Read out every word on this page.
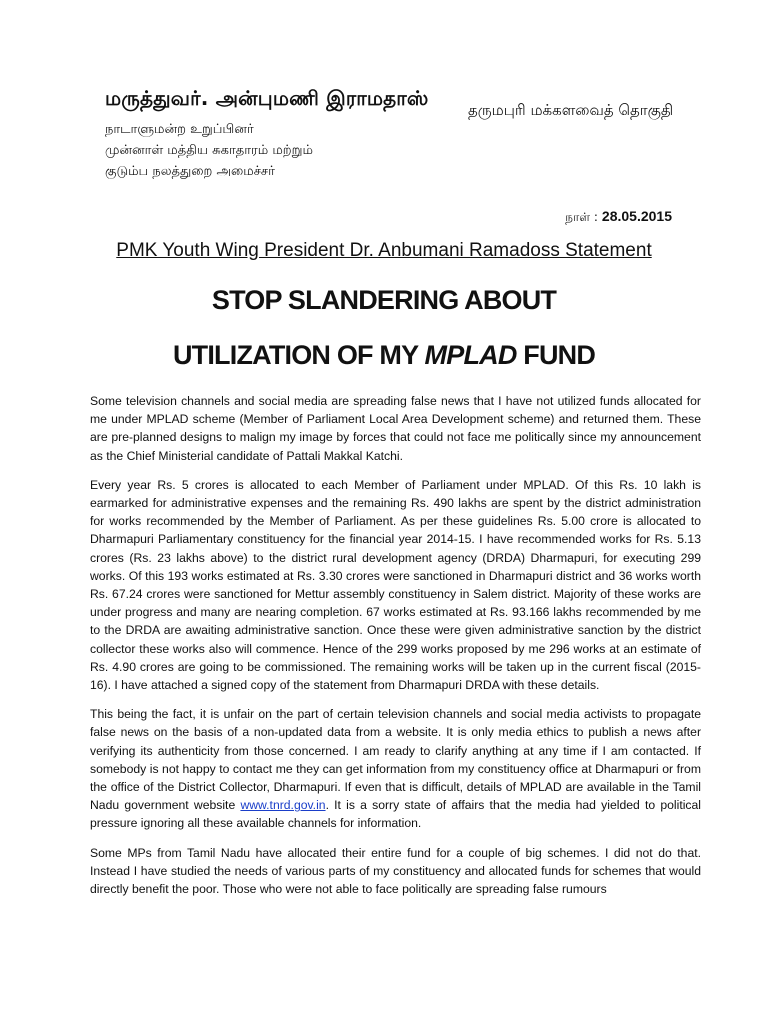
மருத்துவர். அன்புமணி இராமதாஸ்
நாடாளுமன்ற உறுப்பினர்
முன்னாள் மத்திய சுகாதாரம் மற்றும்
குடும்ப நலத்துறை அமைச்சர்
தருமபுரி மக்களவைத் தொகுதி
நாள் : 28.05.2015
PMK Youth Wing President Dr. Anbumani Ramadoss Statement
STOP SLANDERING ABOUT
UTILIZATION OF MY MPLAD FUND

Some television channels and social media are spreading false news that I have not utilized funds allocated for me under MPLAD scheme (Member of Parliament Local Area Development scheme) and returned them. These are pre-planned designs to malign my image by forces that could not face me politically since my announcement as the Chief Ministerial candidate of Pattali Makkal Katchi.

Every year Rs. 5 crores is allocated to each Member of Parliament under MPLAD. Of this Rs. 10 lakh is earmarked for administrative expenses and the remaining Rs. 490 lakhs are spent by the district administration for works recommended by the Member of Parliament. As per these guidelines Rs. 5.00 crore is allocated to Dharmapuri Parliamentary constituency for the financial year 2014-15. I have recommended works for Rs. 5.13 crores (Rs. 23 lakhs above) to the district rural development agency (DRDA) Dharmapuri, for executing 299 works. Of this 193 works estimated at Rs. 3.30 crores were sanctioned in Dharmapuri district and 36 works worth Rs. 67.24 crores were sanctioned for Mettur assembly constituency in Salem district. Majority of these works are under progress and many are nearing completion. 67 works estimated at Rs. 93.166 lakhs recommended by me to the DRDA are awaiting administrative sanction. Once these were given administrative sanction by the district collector these works also will commence. Hence of the 299 works proposed by me 296 works at an estimate of Rs. 4.90 crores are going to be commissioned. The remaining works will be taken up in the current fiscal (2015-16). I have attached a signed copy of the statement from Dharmapuri DRDA with these details.

This being the fact, it is unfair on the part of certain television channels and social media activists to propagate false news on the basis of a non-updated data from a website. It is only media ethics to publish a news after verifying its authenticity from those concerned. I am ready to clarify anything at any time if I am contacted. If somebody is not happy to contact me they can get information from my constituency office at Dharmapuri or from the office of the District Collector, Dharmapuri. If even that is difficult, details of MPLAD are available in the Tamil Nadu government website www.tnrd.gov.in. It is a sorry state of affairs that the media had yielded to political pressure ignoring all these available channels for information.

Some MPs from Tamil Nadu have allocated their entire fund for a couple of big schemes. I did not do that. Instead I have studied the needs of various parts of my constituency and allocated funds for schemes that would directly benefit the poor. Those who were not able to face politically are spreading false rumours
